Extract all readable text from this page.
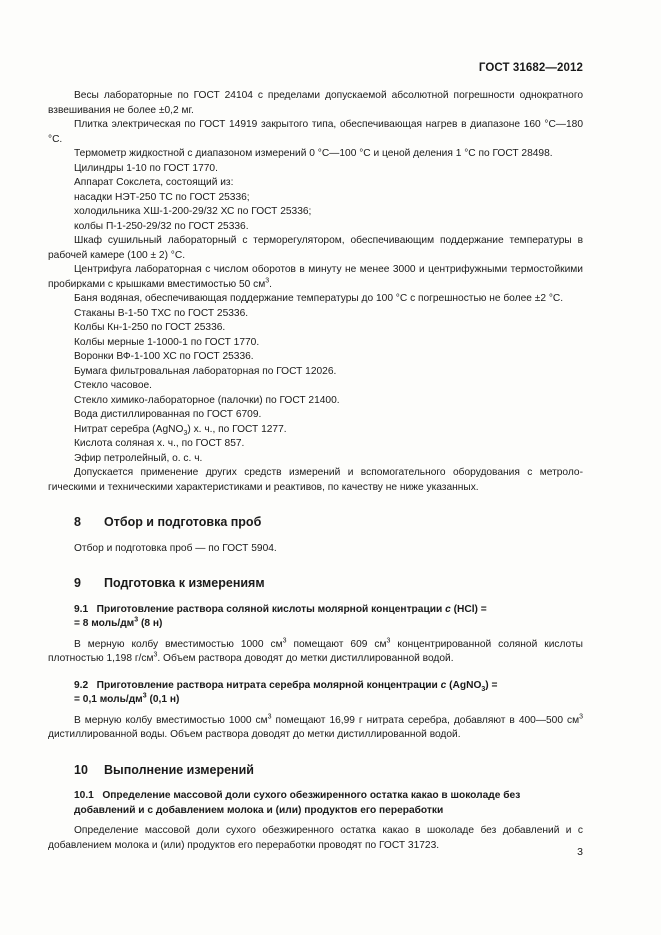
ГОСТ 31682—2012

Весы лабораторные по ГОСТ 24104 с пределами допускаемой абсолютной погрешности однократного взвешивания не более ±0,2 мг.

Плитка электрическая по ГОСТ 14919 закрытого типа, обеспечивающая нагрев в диапазоне 160 °С—180 °С.

Термометр жидкостной с диапазоном измерений 0 °С—100 °С и ценой деления 1 °С по ГОСТ 28498.

Цилиндры 1-10 по ГОСТ 1770.

Аппарат Сокслета, состоящий из:

насадки НЭТ-250 ТС по ГОСТ 25336;

холодильника ХШ-1-200-29/32 ХС по ГОСТ 25336;

колбы П-1-250-29/32 по ГОСТ 25336.

Шкаф сушильный лабораторный с терморегулятором, обеспечивающим поддержание температуры в рабочей камере (100 ± 2) °С.

Центрифуга лабораторная с числом оборотов в минуту не менее 3000 и центрифужными термостойкими пробирками с крышками вместимостью 50 $см^3$.

Баня водяная, обеспечивающая поддержание температуры до 100 °С с погрешностью не более ±2 °С.

Стаканы В-1-50 ТХС по ГОСТ 25336.

Колбы Кн-1-250 по ГОСТ 25336.

Колбы мерные 1-1000-1 по ГОСТ 1770.

Воронки ВФ-1-100 ХС по ГОСТ 25336.

Бумага фильтровальная лабораторная по ГОСТ 12026.

Стекло часовое.

Стекло химико-лабораторное (палочки) по ГОСТ 21400.

Вода дистиллированная по ГОСТ 6709.

Нитрат серебра (AgNO$_3$) х. ч., по ГОСТ 1277.

Кислота соляная х. ч., по ГОСТ 857.

Эфир петролейный, о. с. ч.

Допускается применение других средств измерений и вспомогательного оборудования с метрологическими и техническими характеристиками и реактивов, по качеству не ниже указанных.

8 Отбор и подготовка проб

Отбор и подготовка проб — по ГОСТ 5904.

9 Подготовка к измерениям
9.1 Приготовление раствора соляной кислоты молярной концентрации c (HCl) =
= 8 моль/$дм^3$ (8 н)

В мерную колбу вместимостью 1000 $см^3$ помещают 609 $см^3$ концентрированной соляной кислоты плотностью 1,198 $г/см^3$. Объем раствора доводят до метки дистиллированной водой.

9.2 Приготовление раствора нитрата серебра молярной концентрации c (AgNO$_3$) =
= 0,1 моль/$дм^3$ (0,1 н)

В мерную колбу вместимостью 1000 $см^3$ помещают 16,99 г нитрата серебра, добавляют в 400—500 $см^3$ дистиллированной воды. Объем раствора доводят до метки дистиллированной водой.

10 Выполнение измерений
10.1 Определение массовой доли сухого обезжиренного остатка какао в шоколаде без добавлений и с добавлением молока и (или) продуктов его переработки

Определение массовой доли сухого обезжиренного остатка какао в шоколаде без добавлений и с добавлением молока и (или) продуктов его переработки проводят по ГОСТ 31723.

3
